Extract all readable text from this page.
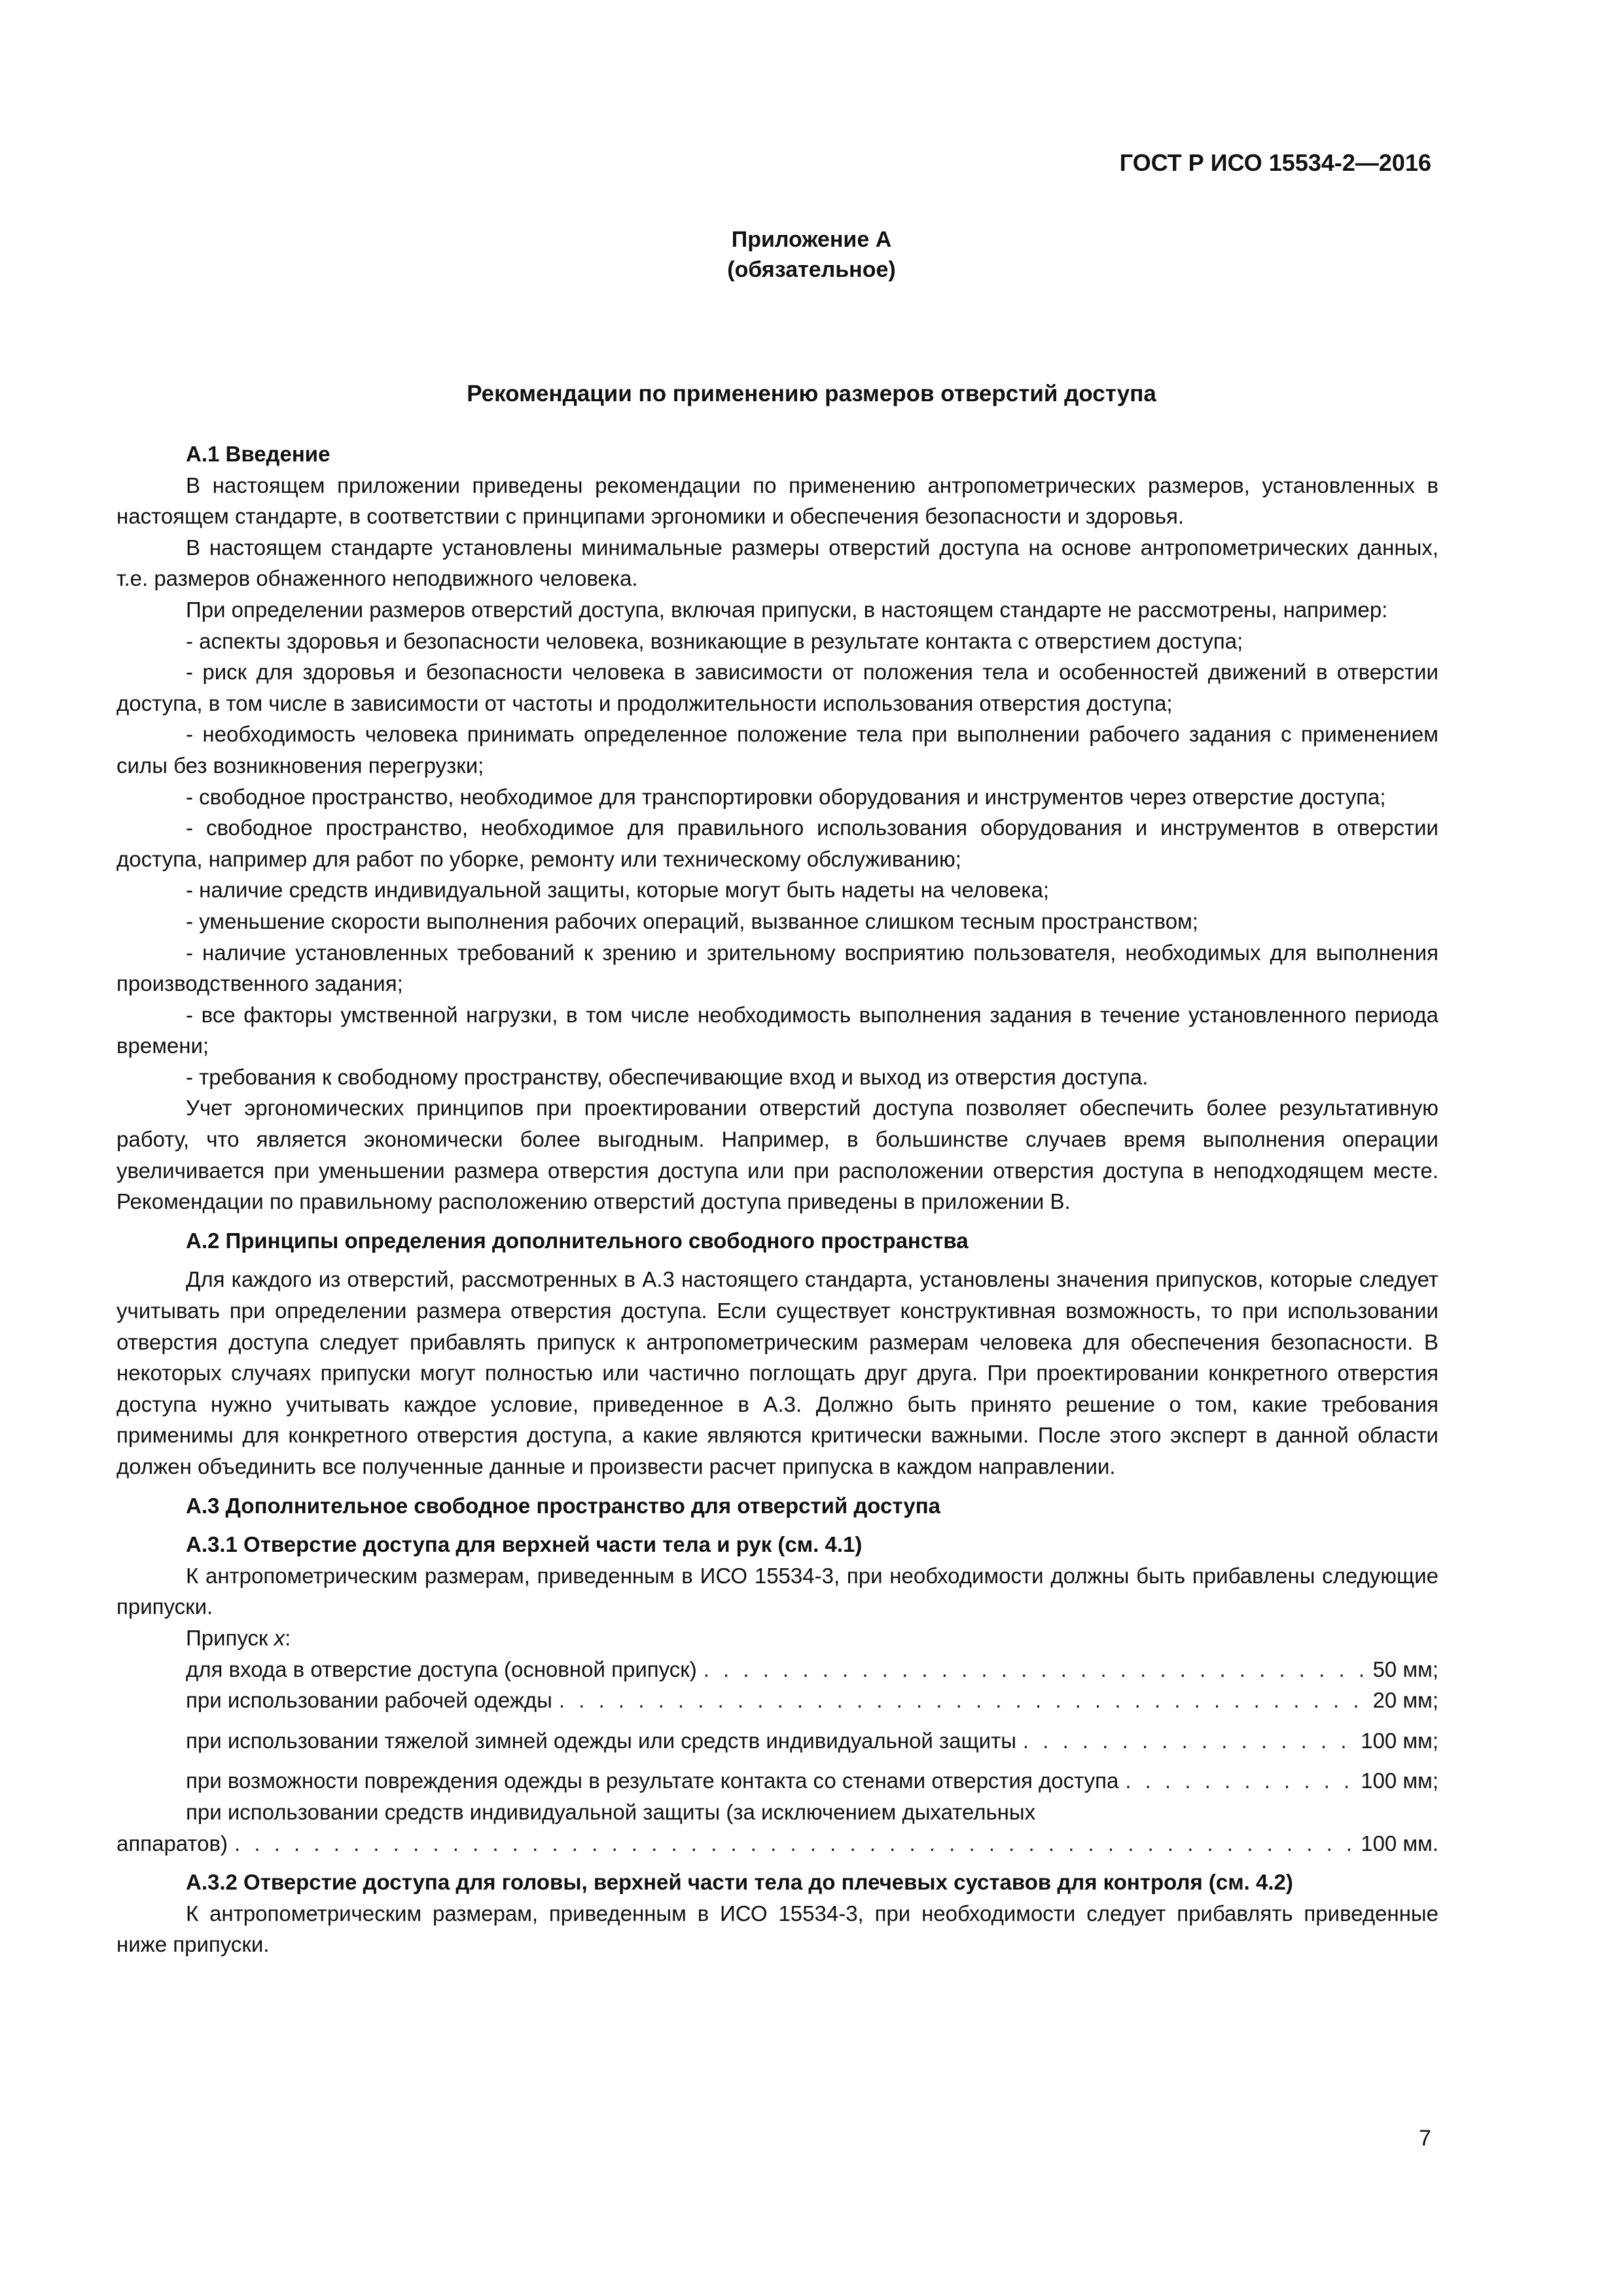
ГОСТ Р ИСО 15534-2—2016
Приложение А
(обязательное)
Рекомендации по применению размеров отверстий доступа

А.1 Введение

В настоящем приложении приведены рекомендации по применению антропометрических размеров, установленных в настоящем стандарте, в соответствии с принципами эргономики и обеспечения безопасности и здоровья.

В настоящем стандарте установлены минимальные размеры отверстий доступа на основе антропометрических данных, т.е. размеров обнаженного неподвижного человека.

При определении размеров отверстий доступа, включая припуски, в настоящем стандарте не рассмотрены, например:

- аспекты здоровья и безопасности человека, возникающие в результате контакта с отверстием доступа;

- риск для здоровья и безопасности человека в зависимости от положения тела и особенностей движений в отверстии доступа, в том числе в зависимости от частоты и продолжительности использования отверстия доступа;

- необходимость человека принимать определенное положение тела при выполнении рабочего задания с применением силы без возникновения перегрузки;

- свободное пространство, необходимое для транспортировки оборудования и инструментов через отверстие доступа;

- свободное пространство, необходимое для правильного использования оборудования и инструментов в отверстии доступа, например для работ по уборке, ремонту или техническому обслуживанию;

- наличие средств индивидуальной защиты, которые могут быть надеты на человека;

- уменьшение скорости выполнения рабочих операций, вызванное слишком тесным пространством;

- наличие установленных требований к зрению и зрительному восприятию пользователя, необходимых для выполнения производственного задания;

- все факторы умственной нагрузки, в том числе необходимость выполнения задания в течение установленного периода времени;

- требования к свободному пространству, обеспечивающие вход и выход из отверстия доступа.

Учет эргономических принципов при проектировании отверстий доступа позволяет обеспечить более результативную работу, что является экономически более выгодным. Например, в большинстве случаев время выполнения операции увеличивается при уменьшении размера отверстия доступа или при расположении отверстия доступа в неподходящем месте. Рекомендации по правильному расположению отверстий доступа приведены в приложении В.

А.2 Принципы определения дополнительного свободного пространства

Для каждого из отверстий, рассмотренных в А.3 настоящего стандарта, установлены значения припусков, которые следует учитывать при определении размера отверстия доступа. Если существует конструктивная возможность, то при использовании отверстия доступа следует прибавлять припуск к антропометрическим размерам человека для обеспечения безопасности. В некоторых случаях припуски могут полностью или частично поглощать друг друга. При проектировании конкретного отверстия доступа нужно учитывать каждое условие, приведенное в А.3. Должно быть принято решение о том, какие требования применимы для конкретного отверстия доступа, а какие являются критически важными. После этого эксперт в данной области должен объединить все полученные данные и произвести расчет припуска в каждом направлении.

А.3 Дополнительное свободное пространство для отверстий доступа

А.3.1 Отверстие доступа для верхней части тела и рук (см. 4.1)

К антропометрическим размерам, приведенным в ИСО 15534-3, при необходимости должны быть прибавлены следующие припуски.

Припуск x:

для входа в отверстие доступа (основной припуск) . . .	50 мм;
при использовании рабочей одежды . . .	20 мм;
при использовании тяжелой зимней одежды или средств индивидуальной защиты . . .	100 мм;
при возможности повреждения одежды в результате контакта со стенами отверстия доступа . . .	100 мм;

при использовании средств индивидуальной защиты (за исключением дыхательных

аппаратов) . . .	100 мм.

А.3.2 Отверстие доступа для головы, верхней части тела до плечевых суставов для контроля (см. 4.2)

К антропометрическим размерам, приведенным в ИСО 15534-3, при необходимости следует прибавлять приведенные ниже припуски.

7
